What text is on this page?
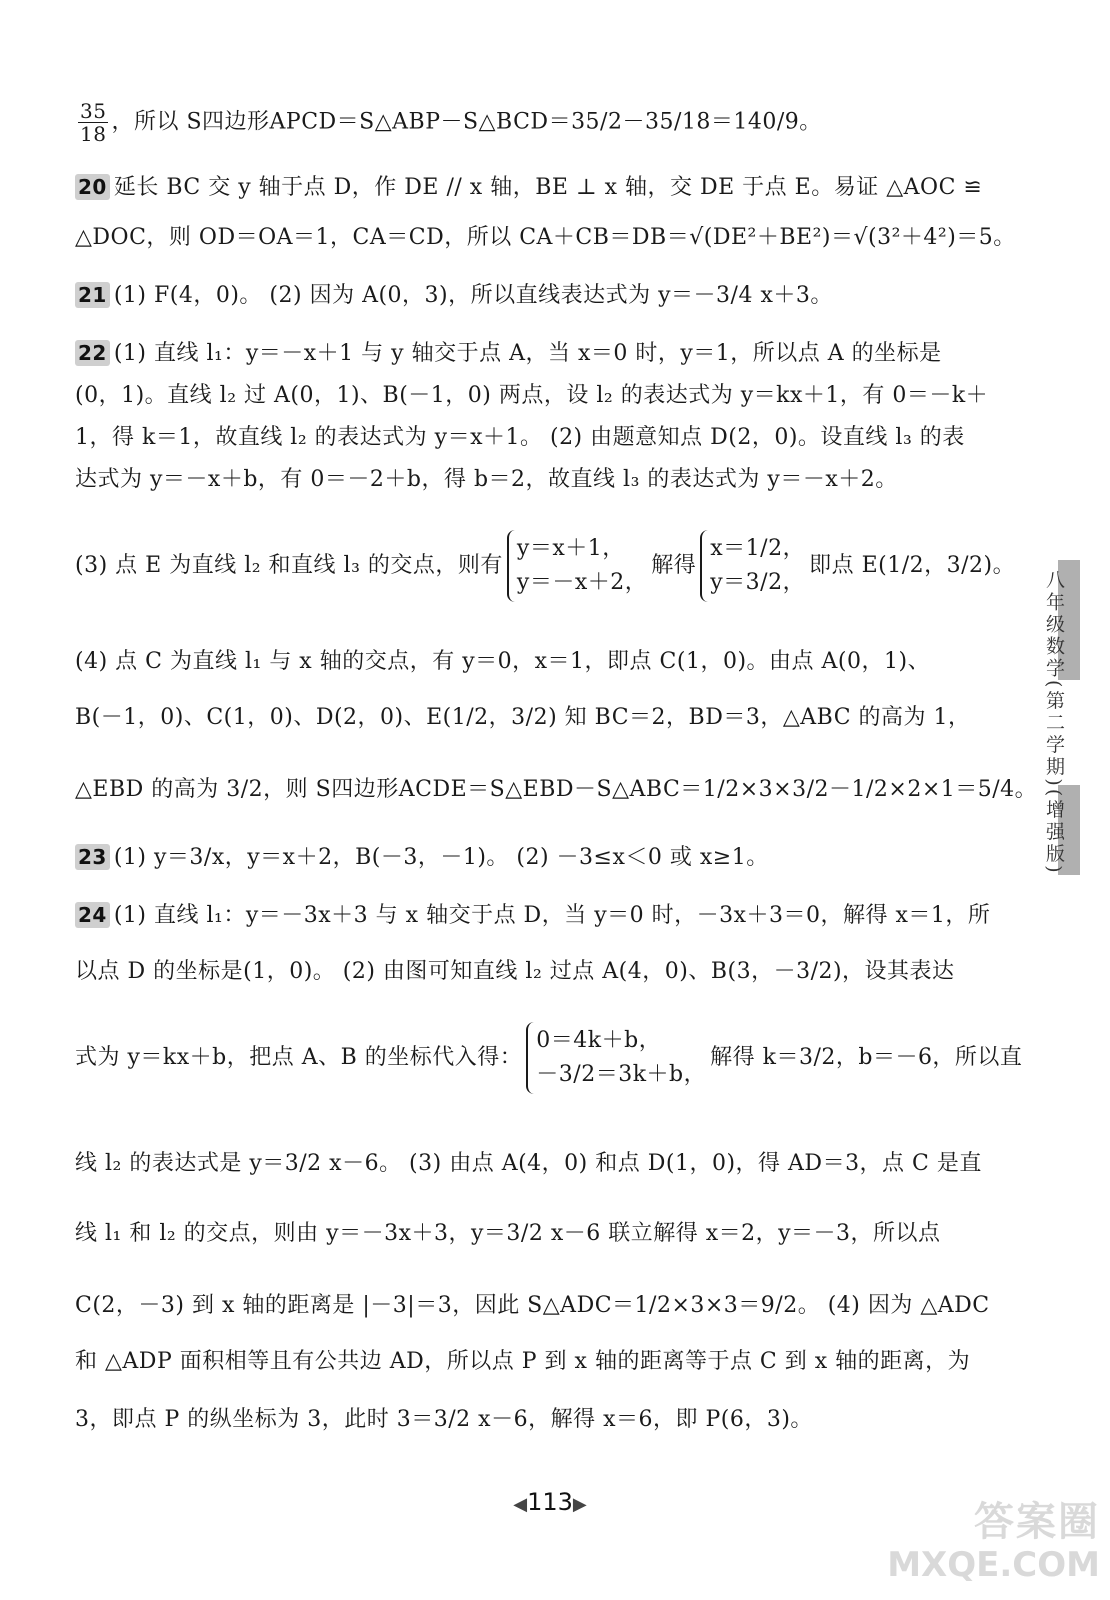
$\frac{35}{18}$ ，所以 S四边形APCD＝S△ABP－S△BCD＝35/2－35/18＝140/9。
20 延长 BC 交 y 轴于点 D，作 DE // x 轴，BE ⊥ x 轴，交 DE 于点 E。易证 △AOC ≌
△DOC，则 OD＝OA＝1，CA＝CD，所以 CA＋CB＝DB＝√(DE²＋BE²)＝√(3²＋4²)＝5。
21 (1) F(4，0)。 (2) 因为 A(0，3)，所以直线表达式为 y＝－3/4 x＋3。
22 (1) 直线 l₁：y＝－x＋1 与 y 轴交于点 A，当 x＝0 时，y＝1，所以点 A 的坐标是
(0，1)。直线 l₂ 过 A(0，1)、B(－1，0) 两点，设 l₂ 的表达式为 y＝kx＋1，有 0＝－k＋
1，得 k＝1，故直线 l₂ 的表达式为 y＝x＋1。 (2) 由题意知点 D(2，0)。设直线 l₃ 的表
达式为 y＝－x＋b，有 0＝－2＋b，得 b＝2，故直线 l₃ 的表达式为 y＝－x＋2。
(3) 点 E 为直线 l₂ 和直线 l₃ 的交点，则有
y＝x＋1，
y＝－x＋2，
解得
x＝1/2，
y＝3/2，
即点 E(1/2，3/2)。
(4) 点 C 为直线 l₁ 与 x 轴的交点，有 y＝0，x＝1，即点 C(1，0)。由点 A(0，1)、
B(－1，0)、C(1，0)、D(2，0)、E(1/2，3/2) 知 BC＝2，BD＝3，△ABC 的高为 1，
△EBD 的高为 3/2，则 S四边形ACDE＝S△EBD－S△ABC＝1/2×3×3/2－1/2×2×1＝5/4。
23 (1) y＝3/x，y＝x＋2，B(－3，－1)。 (2) －3≤x＜0 或 x≥1。
24 (1) 直线 l₁：y＝－3x＋3 与 x 轴交于点 D，当 y＝0 时，－3x＋3＝0，解得 x＝1，所
以点 D 的坐标是(1，0)。 (2) 由图可知直线 l₂ 过点 A(4，0)、B(3，－3/2)，设其表达
式为 y＝kx＋b，把点 A、B 的坐标代入得：
0＝4k＋b，
－3/2＝3k＋b，
解得 k＝3/2，b＝－6，所以直
线 l₂ 的表达式是 y＝3/2 x－6。 (3) 由点 A(4，0) 和点 D(1，0)，得 AD＝3，点 C 是直
线 l₁ 和 l₂ 的交点，则由 y＝－3x＋3，y＝3/2 x－6 联立解得 x＝2，y＝－3，所以点
C(2，－3) 到 x 轴的距离是 |－3|＝3，因此 S△ADC＝1/2×3×3＝9/2。 (4) 因为 △ADC
和 △ADP 面积相等且有公共边 AD，所以点 P 到 x 轴的距离等于点 C 到 x 轴的距离，为
3，即点 P 的纵坐标为 3，此时 3＝3/2 x－6，解得 x＝6，即 P(6，3)。
八年级数学(第二学期)(增强版)
◀113▶	答案圈
MXQE.COM
